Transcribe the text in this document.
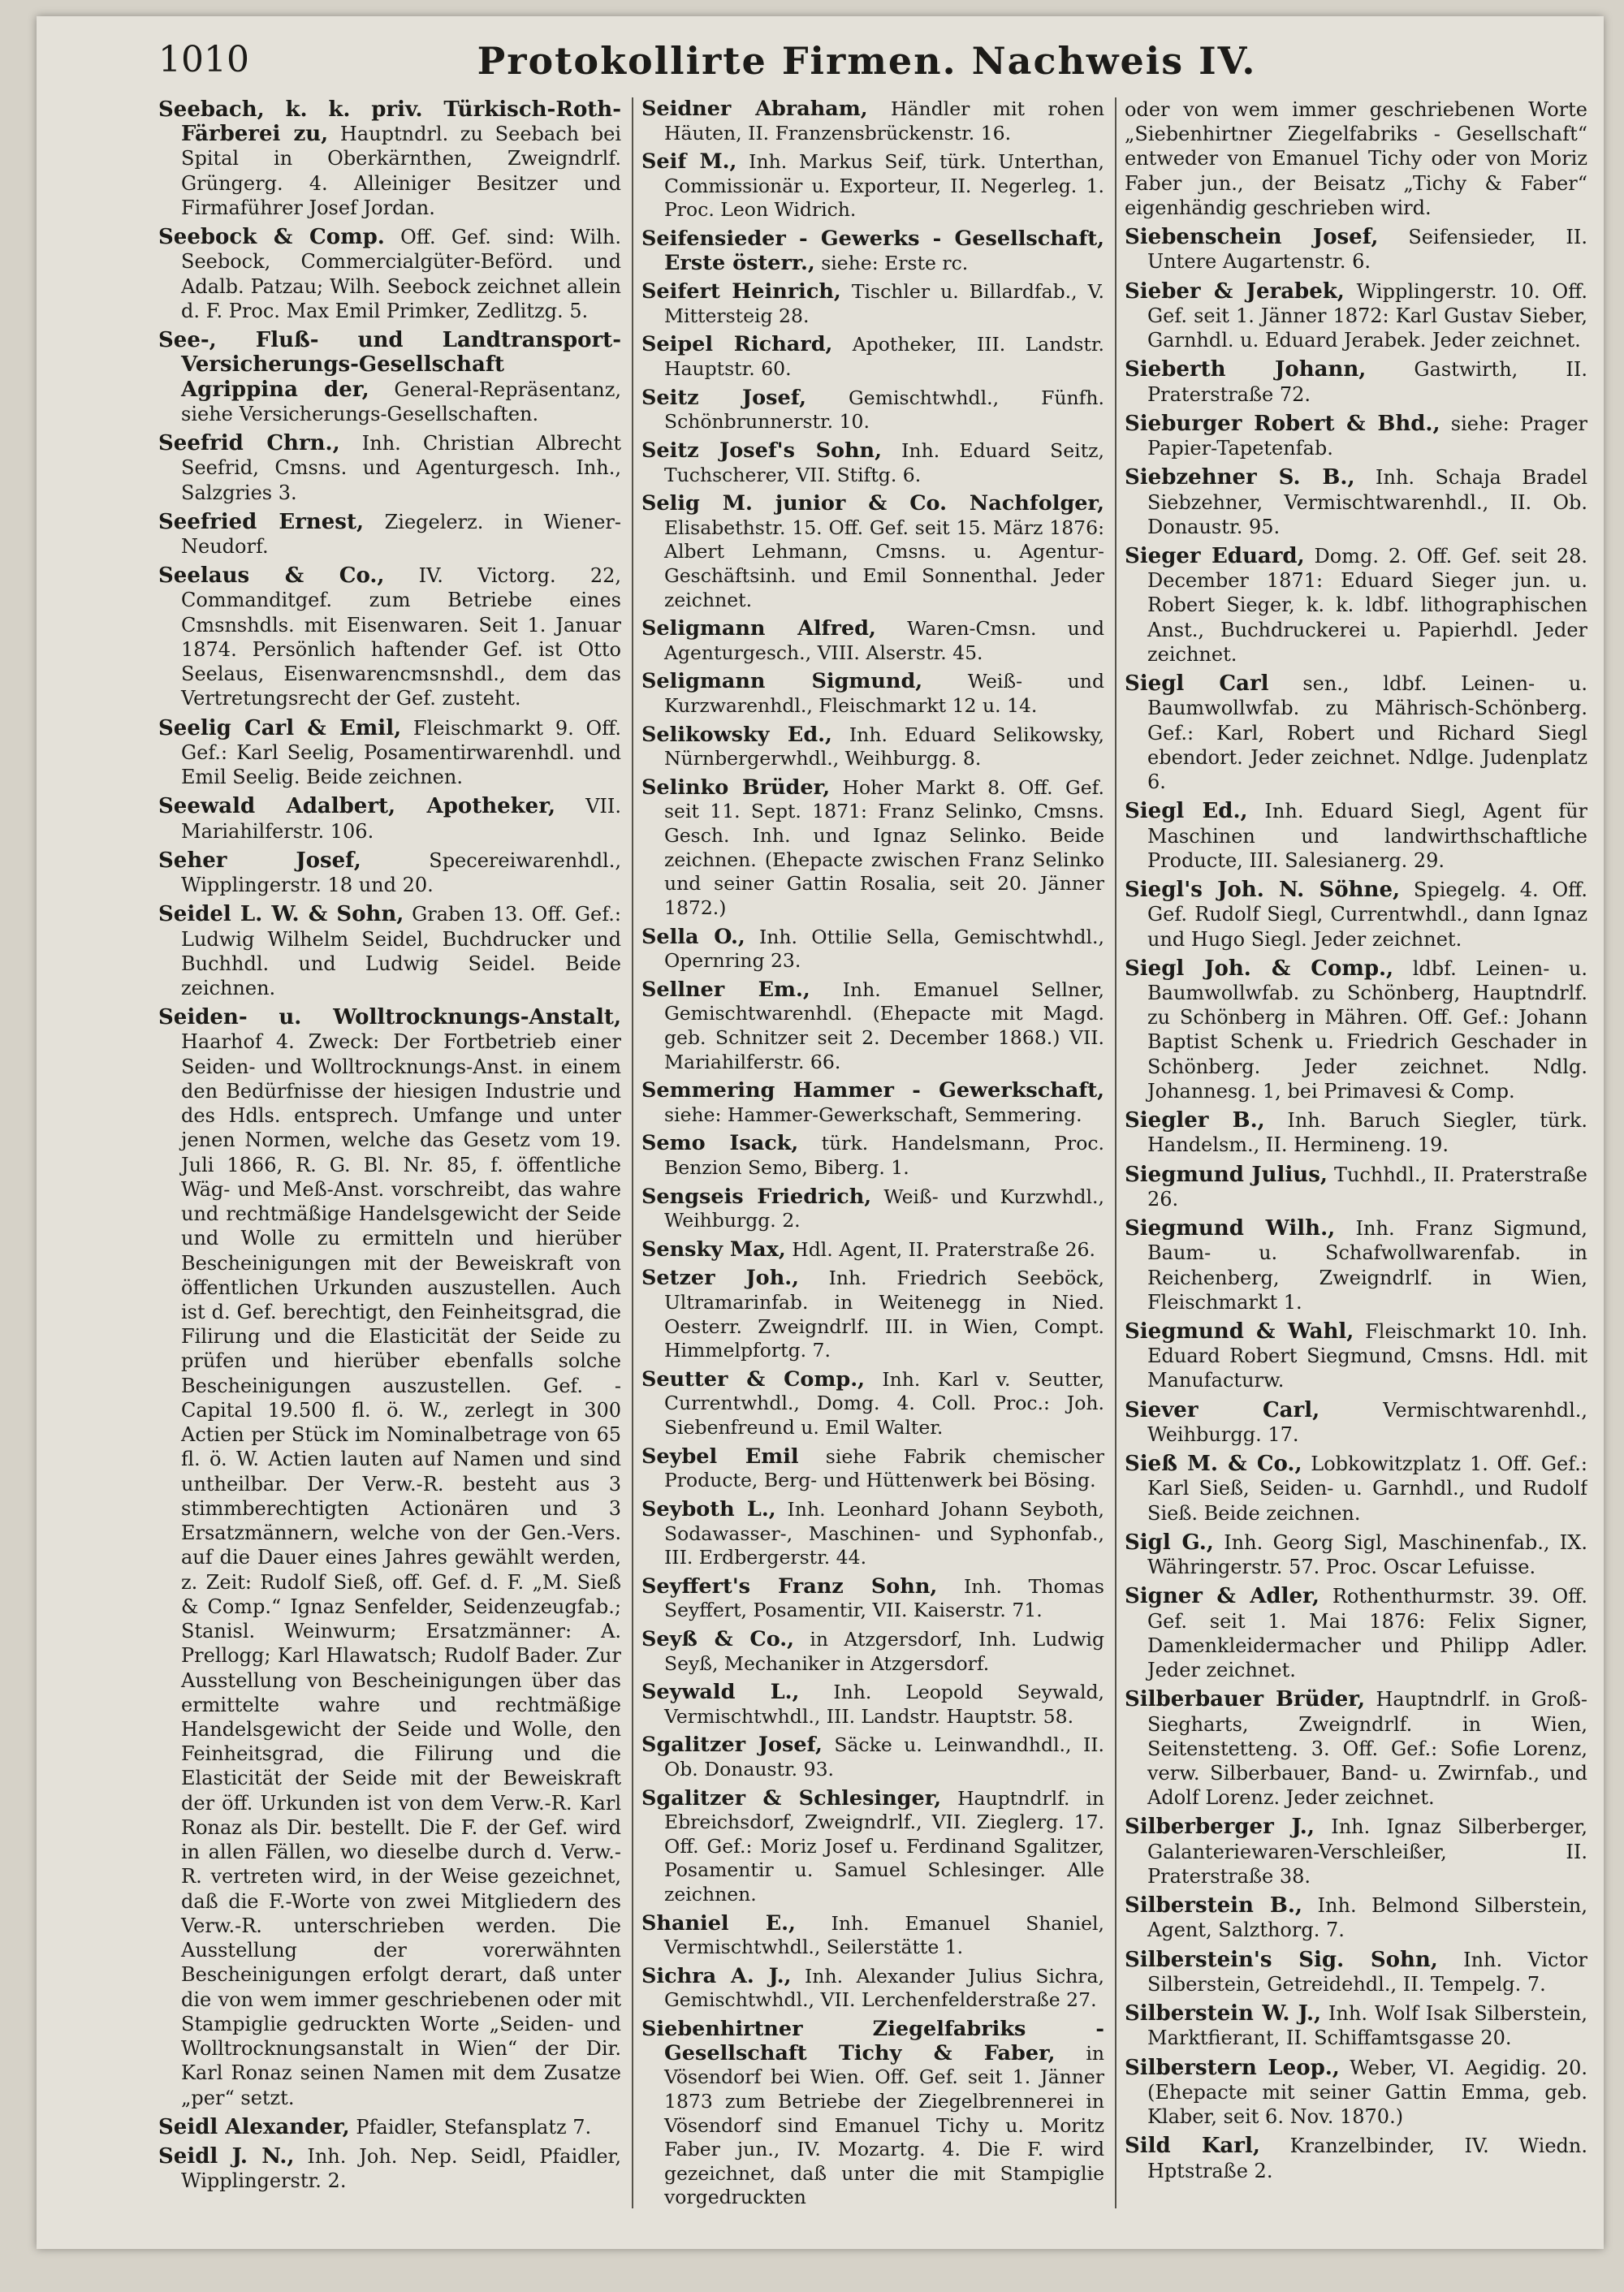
1010	Protokollirte Firmen. Nachweis IV.

Seebach, k. k. priv. Türkisch-Roth-Färberei zu, Hauptndrl. zu Seebach bei Spital in Oberkärnthen, Zweigndrlf. Grüngerg. 4. Alleiniger Besitzer und Firmaführer Josef Jordan.

Seebock & Comp. Off. Gef. sind: Wilh. Seebock, Commercialgüter-Beförd. und Adalb. Patzau; Wilh. Seebock zeichnet allein d. F. Proc. Max Emil Primker, Zedlitzg. 5.

See-, Fluß- und Landtransport-Versicherungs-Gesellschaft Agrippina der, General-Repräsentanz, siehe Versicherungs-Gesellschaften.

Seefrid Chrn., Inh. Christian Albrecht Seefrid, Cmsns. und Agenturgesch. Inh., Salzgries 3.

Seefried Ernest, Ziegelerz. in Wiener-Neudorf.

Seelaus & Co., IV. Victorg. 22, Commanditgef. zum Betriebe eines Cmsnshdls. mit Eisenwaren. Seit 1. Januar 1874. Persönlich haftender Gef. ist Otto Seelaus, Eisenwarencmsnshdl., dem das Vertretungsrecht der Gef. zusteht.

Seelig Carl & Emil, Fleischmarkt 9. Off. Gef.: Karl Seelig, Posamentirwarenhdl. und Emil Seelig. Beide zeichnen.

Seewald Adalbert, Apotheker, VII. Mariahilferstr. 106.

Seher Josef, Specereiwarenhdl., Wipplingerstr. 18 und 20.

Seidel L. W. & Sohn, Graben 13. Off. Gef.: Ludwig Wilhelm Seidel, Buchdrucker und Buchhdl. und Ludwig Seidel. Beide zeichnen.

Seiden- u. Wolltrocknungs-Anstalt, Haarhof 4. Zweck: Der Fortbetrieb einer Seiden- und Wolltrocknungs-Anst. in einem den Bedürfnisse der hiesigen Industrie und des Hdls. entsprech. Umfange und unter jenen Normen, welche das Gesetz vom 19. Juli 1866, R. G. Bl. Nr. 85, f. öffentliche Wäg- und Meß-Anst. vorschreibt, das wahre und rechtmäßige Handelsgewicht der Seide und Wolle zu ermitteln und hierüber Bescheinigungen mit der Beweiskraft von öffentlichen Urkunden auszustellen. Auch ist d. Gef. berechtigt, den Feinheitsgrad, die Filirung und die Elasticität der Seide zu prüfen und hierüber ebenfalls solche Bescheinigungen auszustellen. Gef. - Capital 19.500 fl. ö. W., zerlegt in 300 Actien per Stück im Nominalbetrage von 65 fl. ö. W. Actien lauten auf Namen und sind untheilbar. Der Verw.-R. besteht aus 3 stimmberechtigten Actionären und 3 Ersatzmännern, welche von der Gen.-Vers. auf die Dauer eines Jahres gewählt werden, z. Zeit: Rudolf Sieß, off. Gef. d. F. „M. Sieß & Comp.“ Ignaz Senfelder, Seidenzeugfab.; Stanisl. Weinwurm; Ersatzmänner: A. Prellogg; Karl Hlawatsch; Rudolf Bader. Zur Ausstellung von Bescheinigungen über das ermittelte wahre und rechtmäßige Handelsgewicht der Seide und Wolle, den Feinheitsgrad, die Filirung und die Elasticität der Seide mit der Beweiskraft der öff. Urkunden ist von dem Verw.-R. Karl Ronaz als Dir. bestellt. Die F. der Gef. wird in allen Fällen, wo dieselbe durch d. Verw.-R. vertreten wird, in der Weise gezeichnet, daß die F.-Worte von zwei Mitgliedern des Verw.-R. unterschrieben werden. Die Ausstellung der vorerwähnten Bescheinigungen erfolgt derart, daß unter die von wem immer geschriebenen oder mit Stampiglie gedruckten Worte „Seiden- und Wolltrocknungsanstalt in Wien“ der Dir. Karl Ronaz seinen Namen mit dem Zusatze „per“ setzt.

Seidl Alexander, Pfaidler, Stefansplatz 7.

Seidl J. N., Inh. Joh. Nep. Seidl, Pfaidler, Wipplingerstr. 2.

Seidner Abraham, Händler mit rohen Häuten, II. Franzensbrückenstr. 16.

Seif M., Inh. Markus Seif, türk. Unterthan, Commissionär u. Exporteur, II. Negerleg. 1. Proc. Leon Widrich.

Seifensieder - Gewerks - Gesellschaft, Erste österr., siehe: Erste rc.

Seifert Heinrich, Tischler u. Billardfab., V. Mittersteig 28.

Seipel Richard, Apotheker, III. Landstr. Hauptstr. 60.

Seitz Josef, Gemischtwhdl., Fünfh. Schönbrunnerstr. 10.

Seitz Josef's Sohn, Inh. Eduard Seitz, Tuchscherer, VII. Stiftg. 6.

Selig M. junior & Co. Nachfolger, Elisabethstr. 15. Off. Gef. seit 15. März 1876: Albert Lehmann, Cmsns. u. Agentur-Geschäftsinh. und Emil Sonnenthal. Jeder zeichnet.

Seligmann Alfred, Waren-Cmsn. und Agenturgesch., VIII. Alserstr. 45.

Seligmann Sigmund, Weiß- und Kurzwarenhdl., Fleischmarkt 12 u. 14.

Selikowsky Ed., Inh. Eduard Selikowsky, Nürnbergerwhdl., Weihburgg. 8.

Selinko Brüder, Hoher Markt 8. Off. Gef. seit 11. Sept. 1871: Franz Selinko, Cmsns. Gesch. Inh. und Ignaz Selinko. Beide zeichnen. (Ehepacte zwischen Franz Selinko und seiner Gattin Rosalia, seit 20. Jänner 1872.)

Sella O., Inh. Ottilie Sella, Gemischtwhdl., Opernring 23.

Sellner Em., Inh. Emanuel Sellner, Gemischtwarenhdl. (Ehepacte mit Magd. geb. Schnitzer seit 2. December 1868.) VII. Mariahilferstr. 66.

Semmering Hammer - Gewerkschaft, siehe: Hammer-Gewerkschaft, Semmering.

Semo Isack, türk. Handelsmann, Proc. Benzion Semo, Biberg. 1.

Sengseis Friedrich, Weiß- und Kurzwhdl., Weihburgg. 2.

Sensky Max, Hdl. Agent, II. Praterstraße 26.

Setzer Joh., Inh. Friedrich Seeböck, Ultramarinfab. in Weitenegg in Nied. Oesterr. Zweigndrlf. III. in Wien, Compt. Himmelpfortg. 7.

Seutter & Comp., Inh. Karl v. Seutter, Currentwhdl., Domg. 4. Coll. Proc.: Joh. Siebenfreund u. Emil Walter.

Seybel Emil siehe Fabrik chemischer Producte, Berg- und Hüttenwerk bei Bösing.

Seyboth L., Inh. Leonhard Johann Seyboth, Sodawasser-, Maschinen- und Syphonfab., III. Erdbergerstr. 44.

Seyffert's Franz Sohn, Inh. Thomas Seyffert, Posamentir, VII. Kaiserstr. 71.

Seyß & Co., in Atzgersdorf, Inh. Ludwig Seyß, Mechaniker in Atzgersdorf.

Seywald L., Inh. Leopold Seywald, Vermischtwhdl., III. Landstr. Hauptstr. 58.

Sgalitzer Josef, Säcke u. Leinwandhdl., II. Ob. Donaustr. 93.

Sgalitzer & Schlesinger, Hauptndrlf. in Ebreichsdorf, Zweigndrlf., VII. Zieglerg. 17. Off. Gef.: Moriz Josef u. Ferdinand Sgalitzer, Posamentir u. Samuel Schlesinger. Alle zeichnen.

Shaniel E., Inh. Emanuel Shaniel, Vermischtwhdl., Seilerstätte 1.

Sichra A. J., Inh. Alexander Julius Sichra, Gemischtwhdl., VII. Lerchenfelderstraße 27.

Siebenhirtner Ziegelfabriks - Gesellschaft Tichy & Faber, in Vösendorf bei Wien. Off. Gef. seit 1. Jänner 1873 zum Betriebe der Ziegelbrennerei in Vösendorf sind Emanuel Tichy u. Moritz Faber jun., IV. Mozartg. 4. Die F. wird gezeichnet, daß unter die mit Stampiglie vorgedruckten

oder von wem immer geschriebenen Worte „Siebenhirtner Ziegelfabriks - Gesellschaft“ entweder von Emanuel Tichy oder von Moriz Faber jun., der Beisatz „Tichy & Faber“ eigenhändig geschrieben wird.

Siebenschein Josef, Seifensieder, II. Untere Augartenstr. 6.

Sieber & Jerabek, Wipplingerstr. 10. Off. Gef. seit 1. Jänner 1872: Karl Gustav Sieber, Garnhdl. u. Eduard Jerabek. Jeder zeichnet.

Sieberth Johann, Gastwirth, II. Praterstraße 72.

Sieburger Robert & Bhd., siehe: Prager Papier-Tapetenfab.

Siebzehner S. B., Inh. Schaja Bradel Siebzehner, Vermischtwarenhdl., II. Ob. Donaustr. 95.

Sieger Eduard, Domg. 2. Off. Gef. seit 28. December 1871: Eduard Sieger jun. u. Robert Sieger, k. k. ldbf. lithographischen Anst., Buchdruckerei u. Papierhdl. Jeder zeichnet.

Siegl Carl sen., ldbf. Leinen- u. Baumwollwfab. zu Mährisch-Schönberg. Gef.: Karl, Robert und Richard Siegl ebendort. Jeder zeichnet. Ndlge. Judenplatz 6.

Siegl Ed., Inh. Eduard Siegl, Agent für Maschinen und landwirthschaftliche Producte, III. Salesianerg. 29.

Siegl's Joh. N. Söhne, Spiegelg. 4. Off. Gef. Rudolf Siegl, Currentwhdl., dann Ignaz und Hugo Siegl. Jeder zeichnet.

Siegl Joh. & Comp., ldbf. Leinen- u. Baumwollwfab. zu Schönberg, Hauptndrlf. zu Schönberg in Mähren. Off. Gef.: Johann Baptist Schenk u. Friedrich Geschader in Schönberg. Jeder zeichnet. Ndlg. Johannesg. 1, bei Primavesi & Comp.

Siegler B., Inh. Baruch Siegler, türk. Handelsm., II. Hermineng. 19.

Siegmund Julius, Tuchhdl., II. Praterstraße 26.

Siegmund Wilh., Inh. Franz Sigmund, Baum- u. Schafwollwarenfab. in Reichenberg, Zweigndrlf. in Wien, Fleischmarkt 1.

Siegmund & Wahl, Fleischmarkt 10. Inh. Eduard Robert Siegmund, Cmsns. Hdl. mit Manufacturw.

Siever Carl, Vermischtwarenhdl., Weihburgg. 17.

Sieß M. & Co., Lobkowitzplatz 1. Off. Gef.: Karl Sieß, Seiden- u. Garnhdl., und Rudolf Sieß. Beide zeichnen.

Sigl G., Inh. Georg Sigl, Maschinenfab., IX. Währingerstr. 57. Proc. Oscar Lefuisse.

Signer & Adler, Rothenthurmstr. 39. Off. Gef. seit 1. Mai 1876: Felix Signer, Damenkleidermacher und Philipp Adler. Jeder zeichnet.

Silberbauer Brüder, Hauptndrlf. in Groß-Siegharts, Zweigndrlf. in Wien, Seitenstetteng. 3. Off. Gef.: Sofie Lorenz, verw. Silberbauer, Band- u. Zwirnfab., und Adolf Lorenz. Jeder zeichnet.

Silberberger J., Inh. Ignaz Silberberger, Galanteriewaren-Verschleißer, II. Praterstraße 38.

Silberstein B., Inh. Belmond Silberstein, Agent, Salzthorg. 7.

Silberstein's Sig. Sohn, Inh. Victor Silberstein, Getreidehdl., II. Tempelg. 7.

Silberstein W. J., Inh. Wolf Isak Silberstein, Marktfierant, II. Schiffamtsgasse 20.

Silberstern Leop., Weber, VI. Aegidig. 20. (Ehepacte mit seiner Gattin Emma, geb. Klaber, seit 6. Nov. 1870.)

Sild Karl, Kranzelbinder, IV. Wiedn. Hptstraße 2.
